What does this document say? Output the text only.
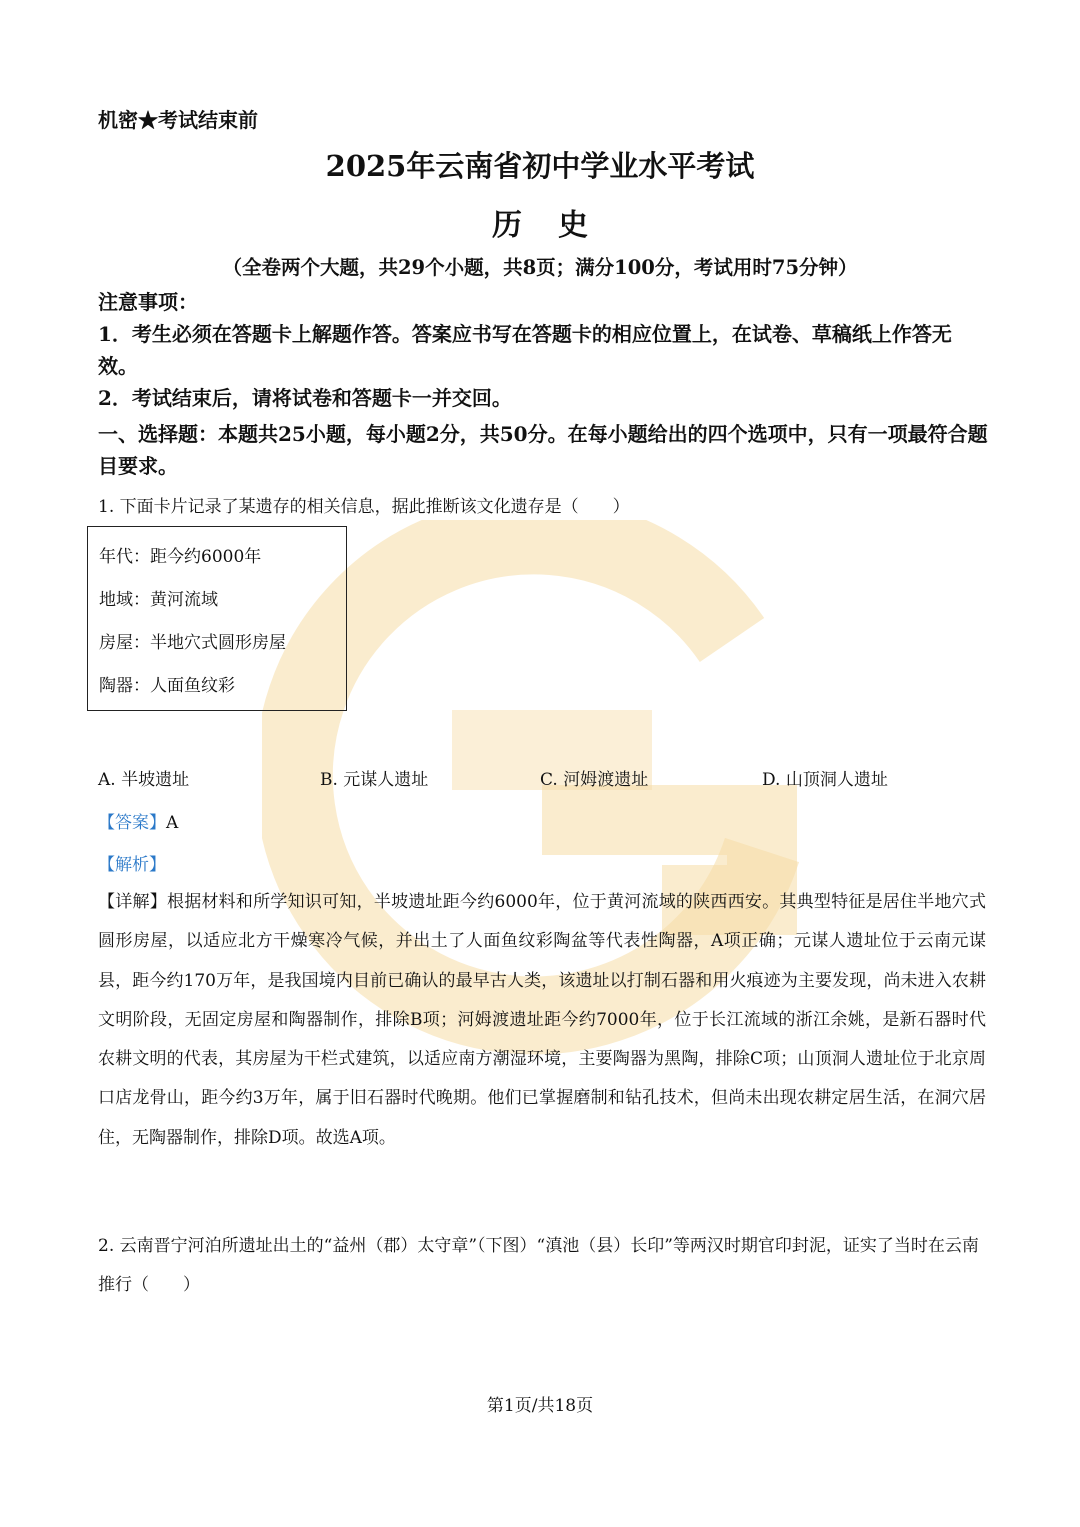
机密★考试结束前
2025年云南省初中学业水平考试
历史
（全卷两个大题，共29个小题，共8页；满分100分，考试用时75分钟）

注意事项：

1．考生必须在答题卡上解题作答。答案应书写在答题卡的相应位置上，在试卷、草稿纸上作答无效。

2．考试结束后，请将试卷和答题卡一并交回。

一、选择题：本题共25小题，每小题2分，共50分。在每小题给出的四个选项中，只有一项最符合题目要求。

1. 下面卡片记录了某遗存的相关信息，据此推断该文化遗存是（　　）
年代：距今约6000年
地域：黄河流域
房屋：半地穴式圆形房屋
陶器：人面鱼纹彩
A. 半坡遗址	B. 元谋人遗址	C. 河姆渡遗址	D. 山顶洞人遗址
【答案】A
【解析】

【详解】根据材料和所学知识可知，半坡遗址距今约6000年，位于黄河流域的陕西西安。其典型特征是居住半地穴式圆形房屋，以适应北方干燥寒冷气候，并出土了人面鱼纹彩陶盆等代表性陶器，A项正确；元谋人遗址位于云南元谋县，距今约170万年，是我国境内目前已确认的最早古人类，该遗址以打制石器和用火痕迹为主要发现，尚未进入农耕文明阶段，无固定房屋和陶器制作，排除B项；河姆渡遗址距今约7000年，位于长江流域的浙江余姚，是新石器时代农耕文明的代表，其房屋为干栏式建筑，以适应南方潮湿环境，主要陶器为黑陶，排除C项；山顶洞人遗址位于北京周口店龙骨山，距今约3万年，属于旧石器时代晚期。他们已掌握磨制和钻孔技术，但尚未出现农耕定居生活，在洞穴居住，无陶器制作，排除D项。故选A项。

2. 云南晋宁河泊所遗址出土的“益州（郡）太守章”（下图）“滇池（县）长印”等两汉时期官印封泥，证实了当时在云南推行（　　）

第1页/共18页
